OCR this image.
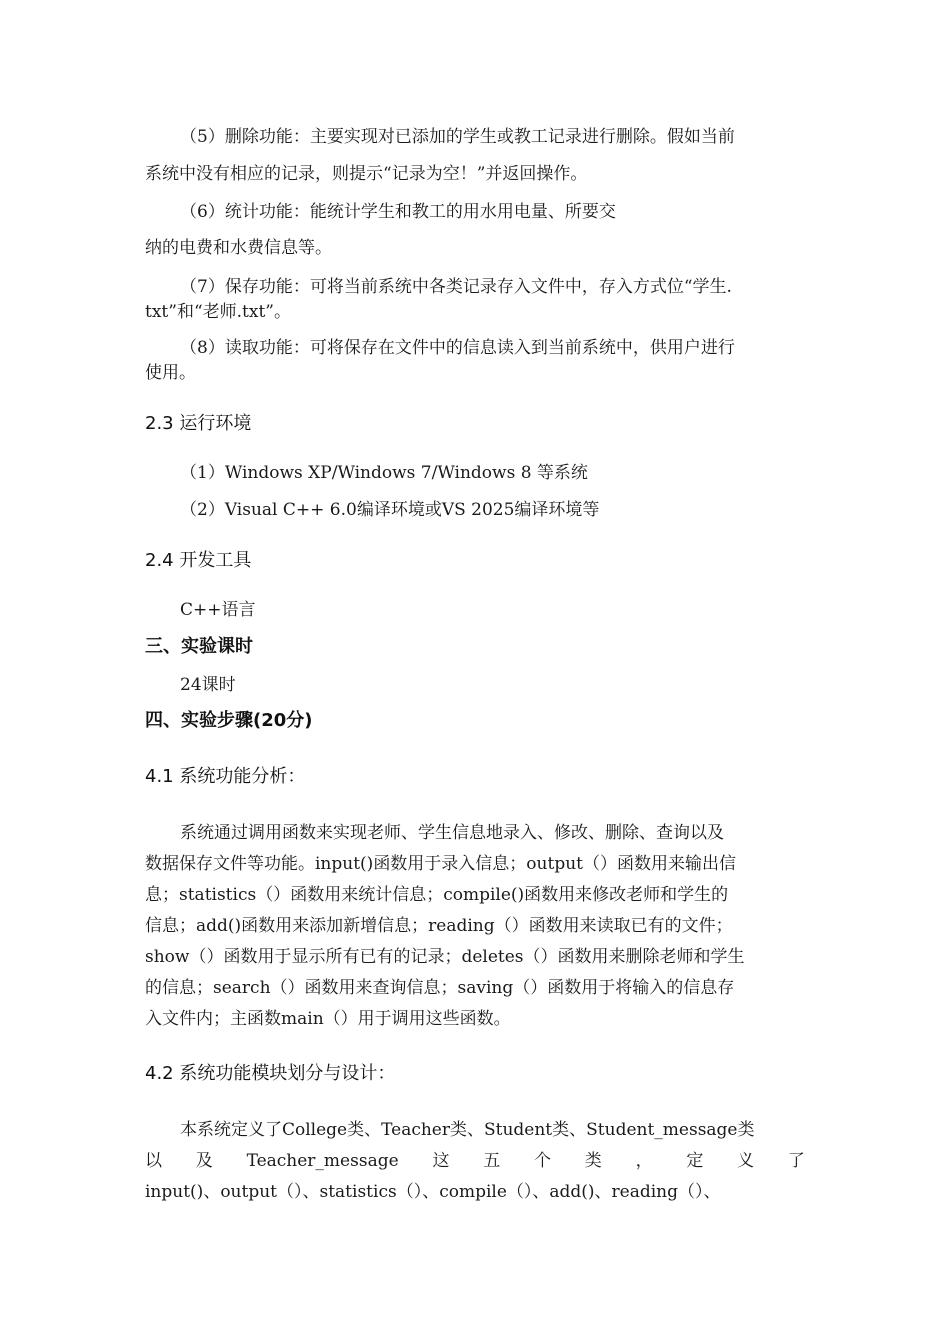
（5）删除功能：主要实现对已添加的学生或教工记录进行删除。假如当前
系统中没有相应的记录，则提示“记录为空！”并返回操作。
（6）统计功能：能统计学生和教工的用水用电量、所要交
纳的电费和水费信息等。
（7）保存功能：可将当前系统中各类记录存入文件中，存入方式位“学生.
txt”和“老师.txt”。
（8）读取功能：可将保存在文件中的信息读入到当前系统中，供用户进行
使用。
2.3 运行环境
（1）Windows XP/Windows 7/Windows 8 等系统
（2）Visual C++ 6.0编译环境或VS 2025编译环境等
2.4 开发工具
C++语言
三、实验课时
24课时
四、实验步骤(20分)
4.1 系统功能分析：
系统通过调用函数来实现老师、学生信息地录入、修改、删除、查询以及
数据保存文件等功能。input()函数用于录入信息；output（）函数用来输出信
息；statistics（）函数用来统计信息；compile()函数用来修改老师和学生的
信息；add()函数用来添加新增信息；reading（）函数用来读取已有的文件；
show（）函数用于显示所有已有的记录；deletes（）函数用来删除老师和学生
的信息；search（）函数用来查询信息；saving（）函数用于将输入的信息存
入文件内；主函数main（）用于调用这些函数。
4.2 系统功能模块划分与设计：
本系统定义了College类、Teacher类、Student类、Student_message类
以 及 Teacher_message 这 五 个 类 ， 定 义 了
input()、output（）、statistics（）、compile（）、add()、reading（）、
